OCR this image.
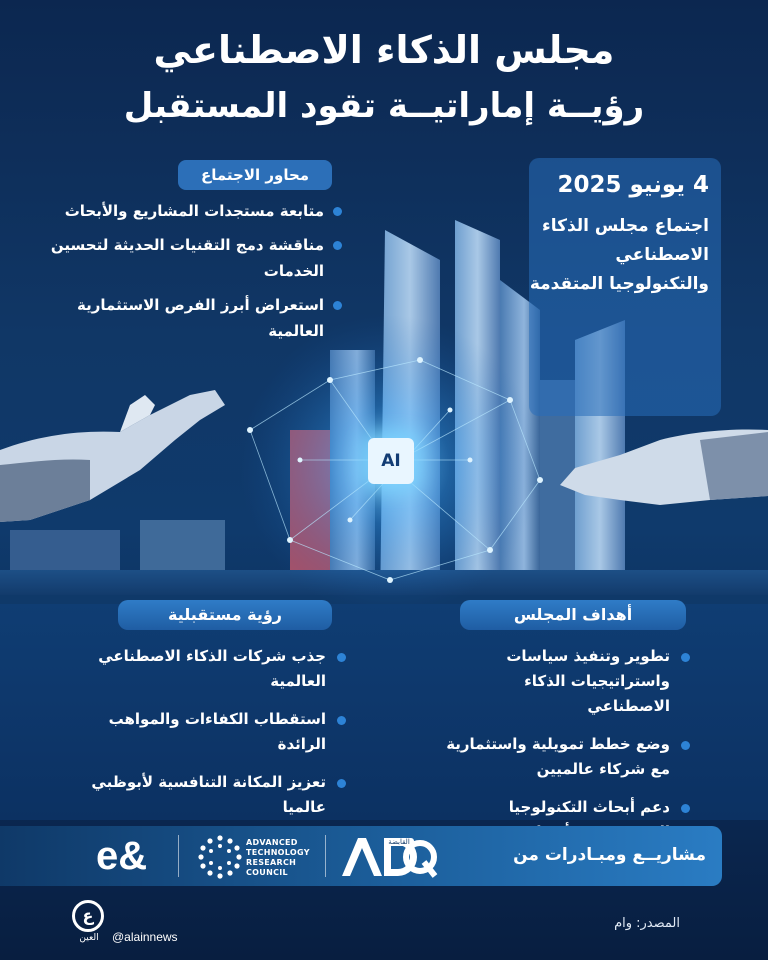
مجلس الذكاء الاصطناعي
رؤيــة إماراتيــة تقود المستقبل
AI
محاور الاجتماع
متابعة مستجدات المشاريع والأبحاث
مناقشة دمج التقنيات الحديثة لتحسين الخدمات
استعراض أبرز الفرص الاستثمارية العالمية
4 يونيو 2025
اجتماع مجلس الذكاء الاصطناعي والتكنولوجيا المتقدمة
أهداف المجلس
رؤية مستقبلية
تطوير وتنفيذ سياسات واستراتيجيات الذكاء الاصطناعي
وضع خطط تمويلية واستثمارية مع شركاء عالميين
دعم أبحاث التكنولوجيا
جذب شركات الذكاء الاصطناعي العالمية
استقطاب الكفاءات والمواهب الرائدة
تعزيز المكانة التنافسية لأبوظبي عالميا
مشاريــع ومبـادرات من
القابضة
ADVANCED
TECHNOLOGY
RESEARCH
COUNCIL
e&
المصدر: وام
ع
العين	@alainnews
